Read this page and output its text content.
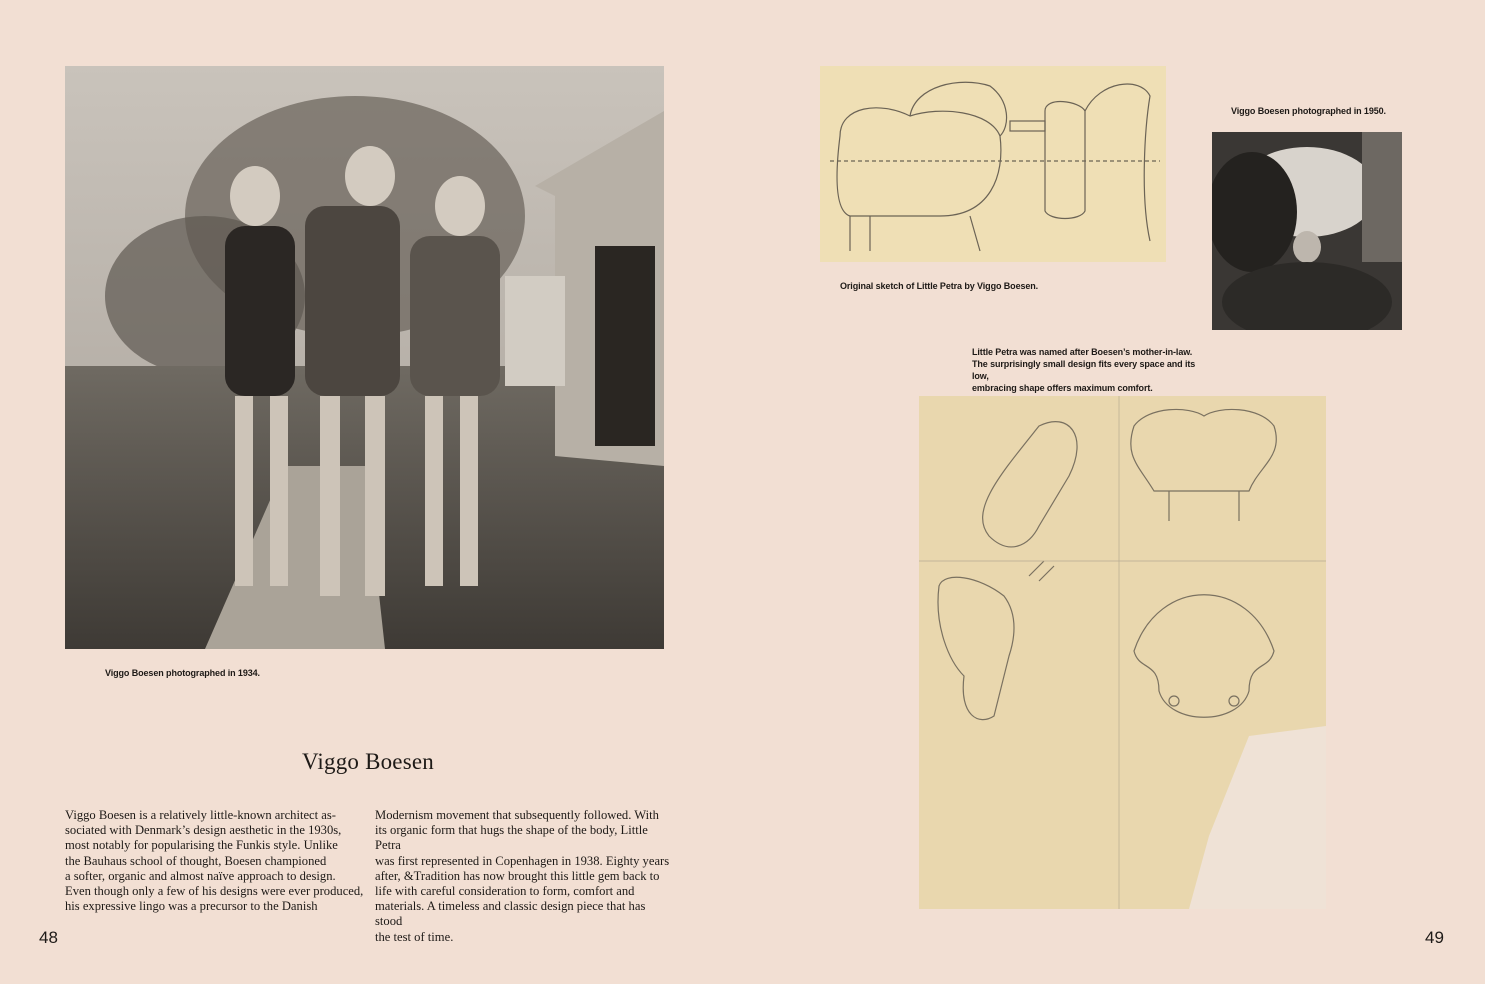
Viggo Boesen photographed in 1934.
Viggo Boesen

Viggo Boesen is a relatively little-known architect as-
sociated with Denmark’s design aesthetic in the 1930s,
most notably for popularising the Funkis style. Unlike
the Bauhaus school of thought, Boesen championed
a softer, organic and almost naïve approach to design.
Even though only a few of his designs were ever produced,
his expressive lingo was a precursor to the Danish

Modernism movement that subsequently followed. With
its organic form that hugs the shape of the body, Little Petra
was first represented in Copenhagen in 1938. Eighty years
after, &Tradition has now brought this little gem back to
life with careful consideration to form, comfort and
materials. A timeless and classic design piece that has stood
the test of time.

48
Original sketch of Little Petra by Viggo Boesen.
Viggo Boesen photographed in 1950.
Little Petra was named after Boesen’s mother-in-law.
The surprisingly small design fits every space and its low,
embracing shape offers maximum comfort.
49
